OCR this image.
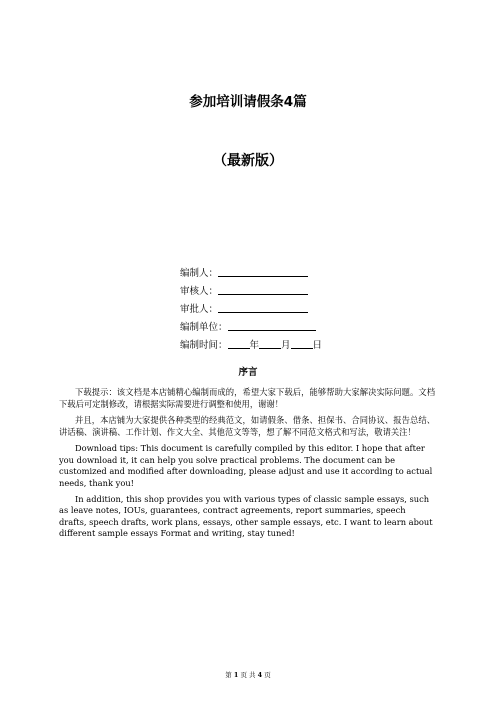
参加培训请假条4篇
（最新版）
编制人：
审核人：
审批人：
编制单位：
编制时间： 年 月 日
序言

下载提示：该文档是本店铺精心编制而成的，希望大家下载后，能够帮助大家解决实际问题。文档下载后可定制修改，请根据实际需要进行调整和使用，谢谢！

并且，本店铺为大家提供各种类型的经典范文，如请假条、借条、担保书、合同协议、报告总结、讲话稿、演讲稿、工作计划、作文大全、其他范文等等，想了解不同范文格式和写法，敬请关注！

Download tips: This document is carefully compiled by this editor. I hope that after you download it, it can help you solve practical problems. The document can be customized and modified after downloading, please adjust and use it according to actual needs, thank you!

In addition, this shop provides you with various types of classic sample essays, such as leave notes, IOUs, guarantees, contract agreements, report summaries, speech drafts, speech drafts, work plans, essays, other sample essays, etc. I want to learn about different sample essays Format and writing, stay tuned!

第 1 页 共 4 页
